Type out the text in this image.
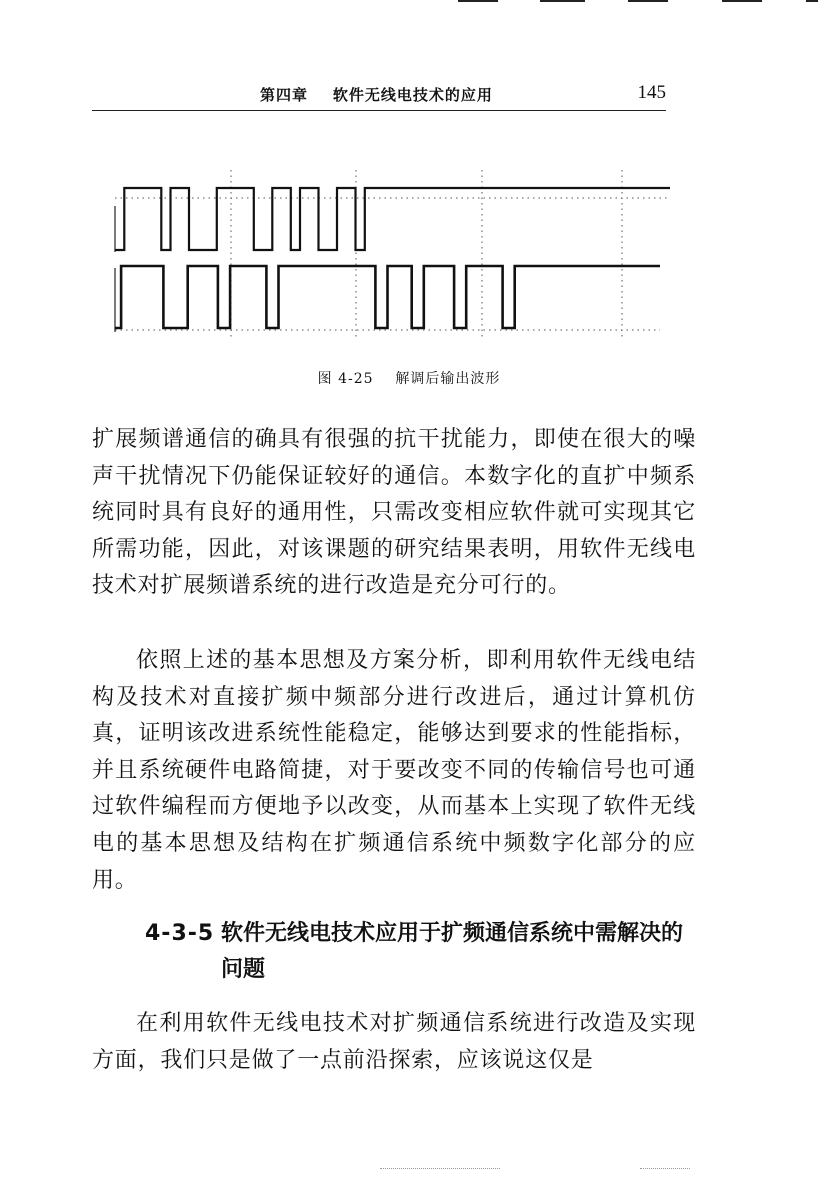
第四章    软件无线电技术的应用	145
图 4-25    解调后输出波形
扩展频谱通信的确具有很强的抗干扰能力，即使在很大的噪声干扰情况下仍能保证较好的通信。本数字化的直扩中频系统同时具有良好的通用性，只需改变相应软件就可实现其它所需功能，因此，对该课题的研究结果表明，用软件无线电技术对扩展频谱系统的进行改造是充分可行的。
依照上述的基本思想及方案分析，即利用软件无线电结构及技术对直接扩频中频部分进行改进后，通过计算机仿真，证明该改进系统性能稳定，能够达到要求的性能指标，并且系统硬件电路简捷，对于要改变不同的传输信号也可通过软件编程而方便地予以改变，从而基本上实现了软件无线电的基本思想及结构在扩频通信系统中频数字化部分的应用。
4-3-5 软件无线电技术应用于扩频通信系统中需解决的问题
在利用软件无线电技术对扩频通信系统进行改造及实现方面，我们只是做了一点前沿探索，应该说这仅是
